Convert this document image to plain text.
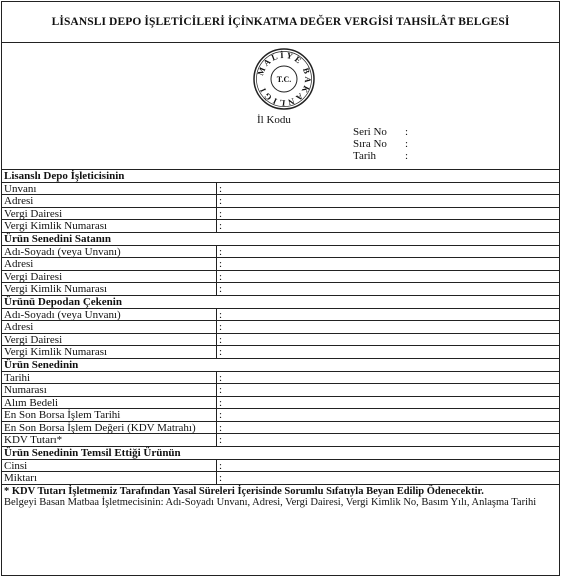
LİSANSLI DEPO İŞLETİCİLERİ İÇİNKATMA DEĞER VERGİSİ TAHSİLÂT BELGESİ
MALİYE BAKANLIĞI
T.C.
İl Kodu
Seri No	:
Sıra No	:
Tarih	:
Lisanslı Depo İşleticisinin
Unvanı	:
Adresi	:
Vergi Dairesi	:
Vergi Kimlik Numarası	:
Ürün Senedini Satanın
Adı-Soyadı (veya Unvanı)	:
Adresi	:
Vergi Dairesi	:
Vergi Kimlik Numarası	:
Ürünü Depodan Çekenin
Adı-Soyadı (veya Unvanı)	:
Adresi	:
Vergi Dairesi	:
Vergi Kimlik Numarası	:
Ürün Senedinin
Tarihi	:
Numarası	:
Alım Bedeli	:
En Son Borsa İşlem Tarihi	:
En Son Borsa İşlem Değeri (KDV Matrahı)	:
KDV Tutarı*	:
Ürün Senedinin Temsil Ettiği Ürünün
Cinsi	:
Miktarı	:
* KDV Tutarı İşletmemiz Tarafından Yasal Süreleri İçerisinde Sorumlu Sıfatıyla Beyan Edilip Ödenecektir.
Belgeyi Basan Matbaa İşletmecisinin: Adı-Soyadı Unvanı, Adresi, Vergi Dairesi, Vergi Kimlik No, Basım Yılı, Anlaşma Tarihi
